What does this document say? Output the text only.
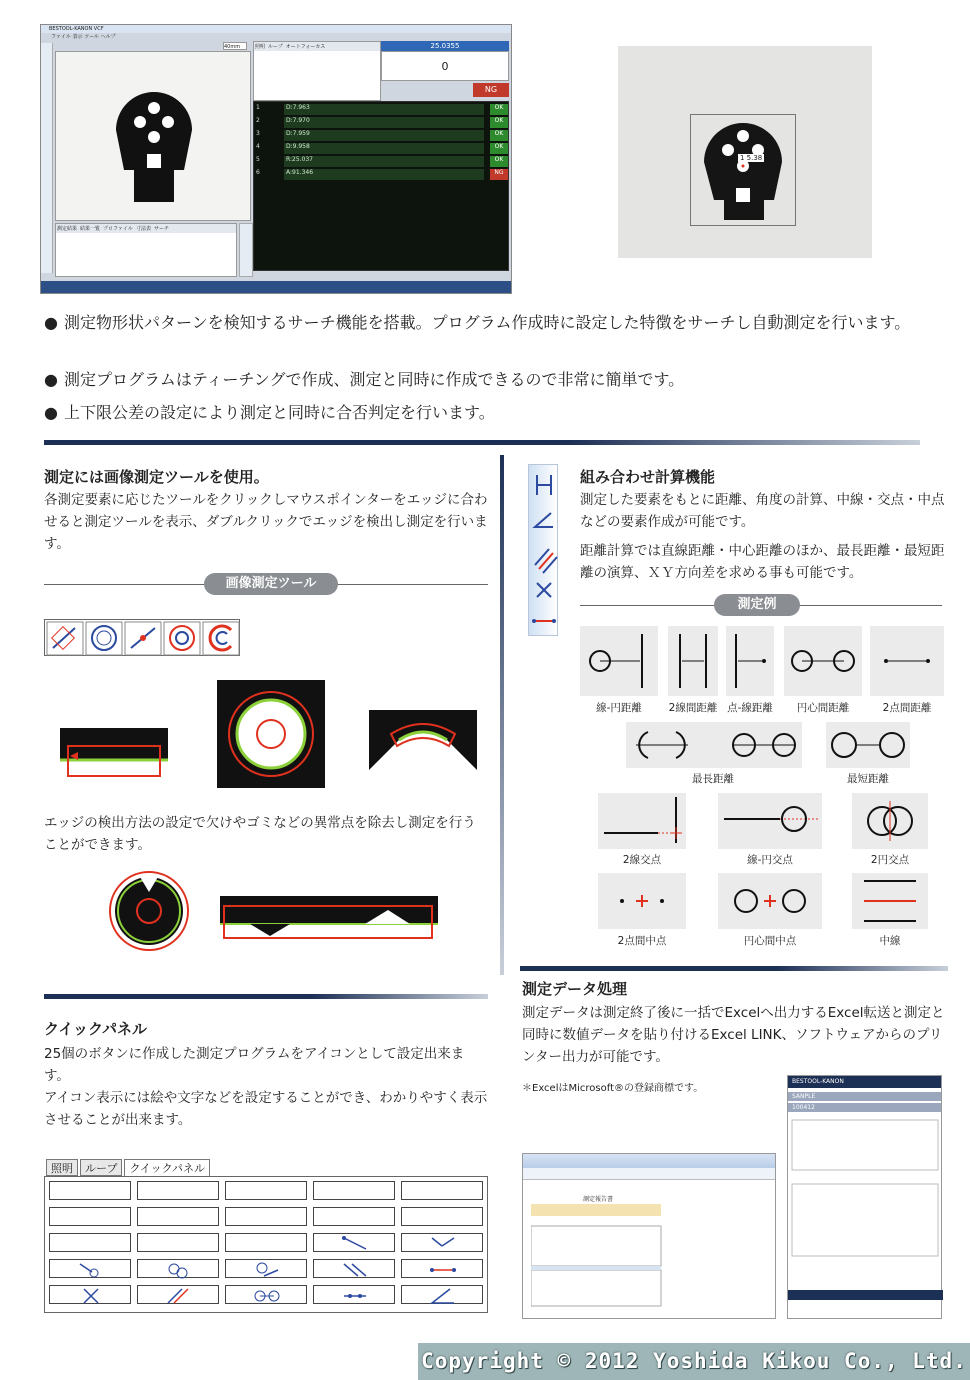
BESTOOL-KANON VCF
ファイル 表示 ツール ヘルプ
40mm
測定結果 結果一覧 プロファイル 寸法表 サーチ
照明 ループ オートフォーカス	25.0355
0
NG
1	D:7.963	OK
2	D:7.970	OK
3	D:7.959	OK
4	D:9.958	OK
5	R:25.037	OK
6	A:91.346	NG
1 5.38
● 測定物形状パターンを検知するサーチ機能を搭載。プログラム作成時に設定した特徴をサーチし自動測定を行います。
● 測定プログラムはティーチングで作成、測定と同時に作成できるので非常に簡単です。
● 上下限公差の設定により測定と同時に合否判定を行います。
測定には画像測定ツールを使用。
各測定要素に応じたツールをクリックしマウスポインターをエッジに合わせると測定ツールを表示、ダブルクリックでエッジを検出し測定を行います。
画像測定ツール
エッジの検出方法の設定で欠けやゴミなどの異常点を除去し測定を行うことができます。
組み合わせ計算機能
測定した要素をもとに距離、角度の計算、中線・交点・中点などの要素作成が可能です。
距離計算では直線距離・中心距離のほか、最長距離・最短距離の演算、ＸＹ方向差を求める事も可能です。
測定例
線-円距離	2線間距離 点-線距離	円心間距離	2点間距離
最長距離	最短距離
2線交点	線-円交点	2円交点
2点間中点	円心間中点	中線
クイックパネル
25個のボタンに作成した測定プログラムをアイコンとして設定出来ます。
アイコン表示には絵や文字などを設定することができ、わかりやすく表示させることが出来ます。
照明	ループ	クイックパネル
測定データ処理
測定データは測定終了後に一括でExcelへ出力するExcel転送と測定と同時に数値データを貼り付けるExcel LINK、ソフトウェアからのプリンター出力が可能です。
＊ExcelはMicrosoft®の登録商標です。
測定報告書
BESTOOL-KANON
SANPLE
100412
Copyright © 2012 Yoshida Kikou Co., Ltd.
